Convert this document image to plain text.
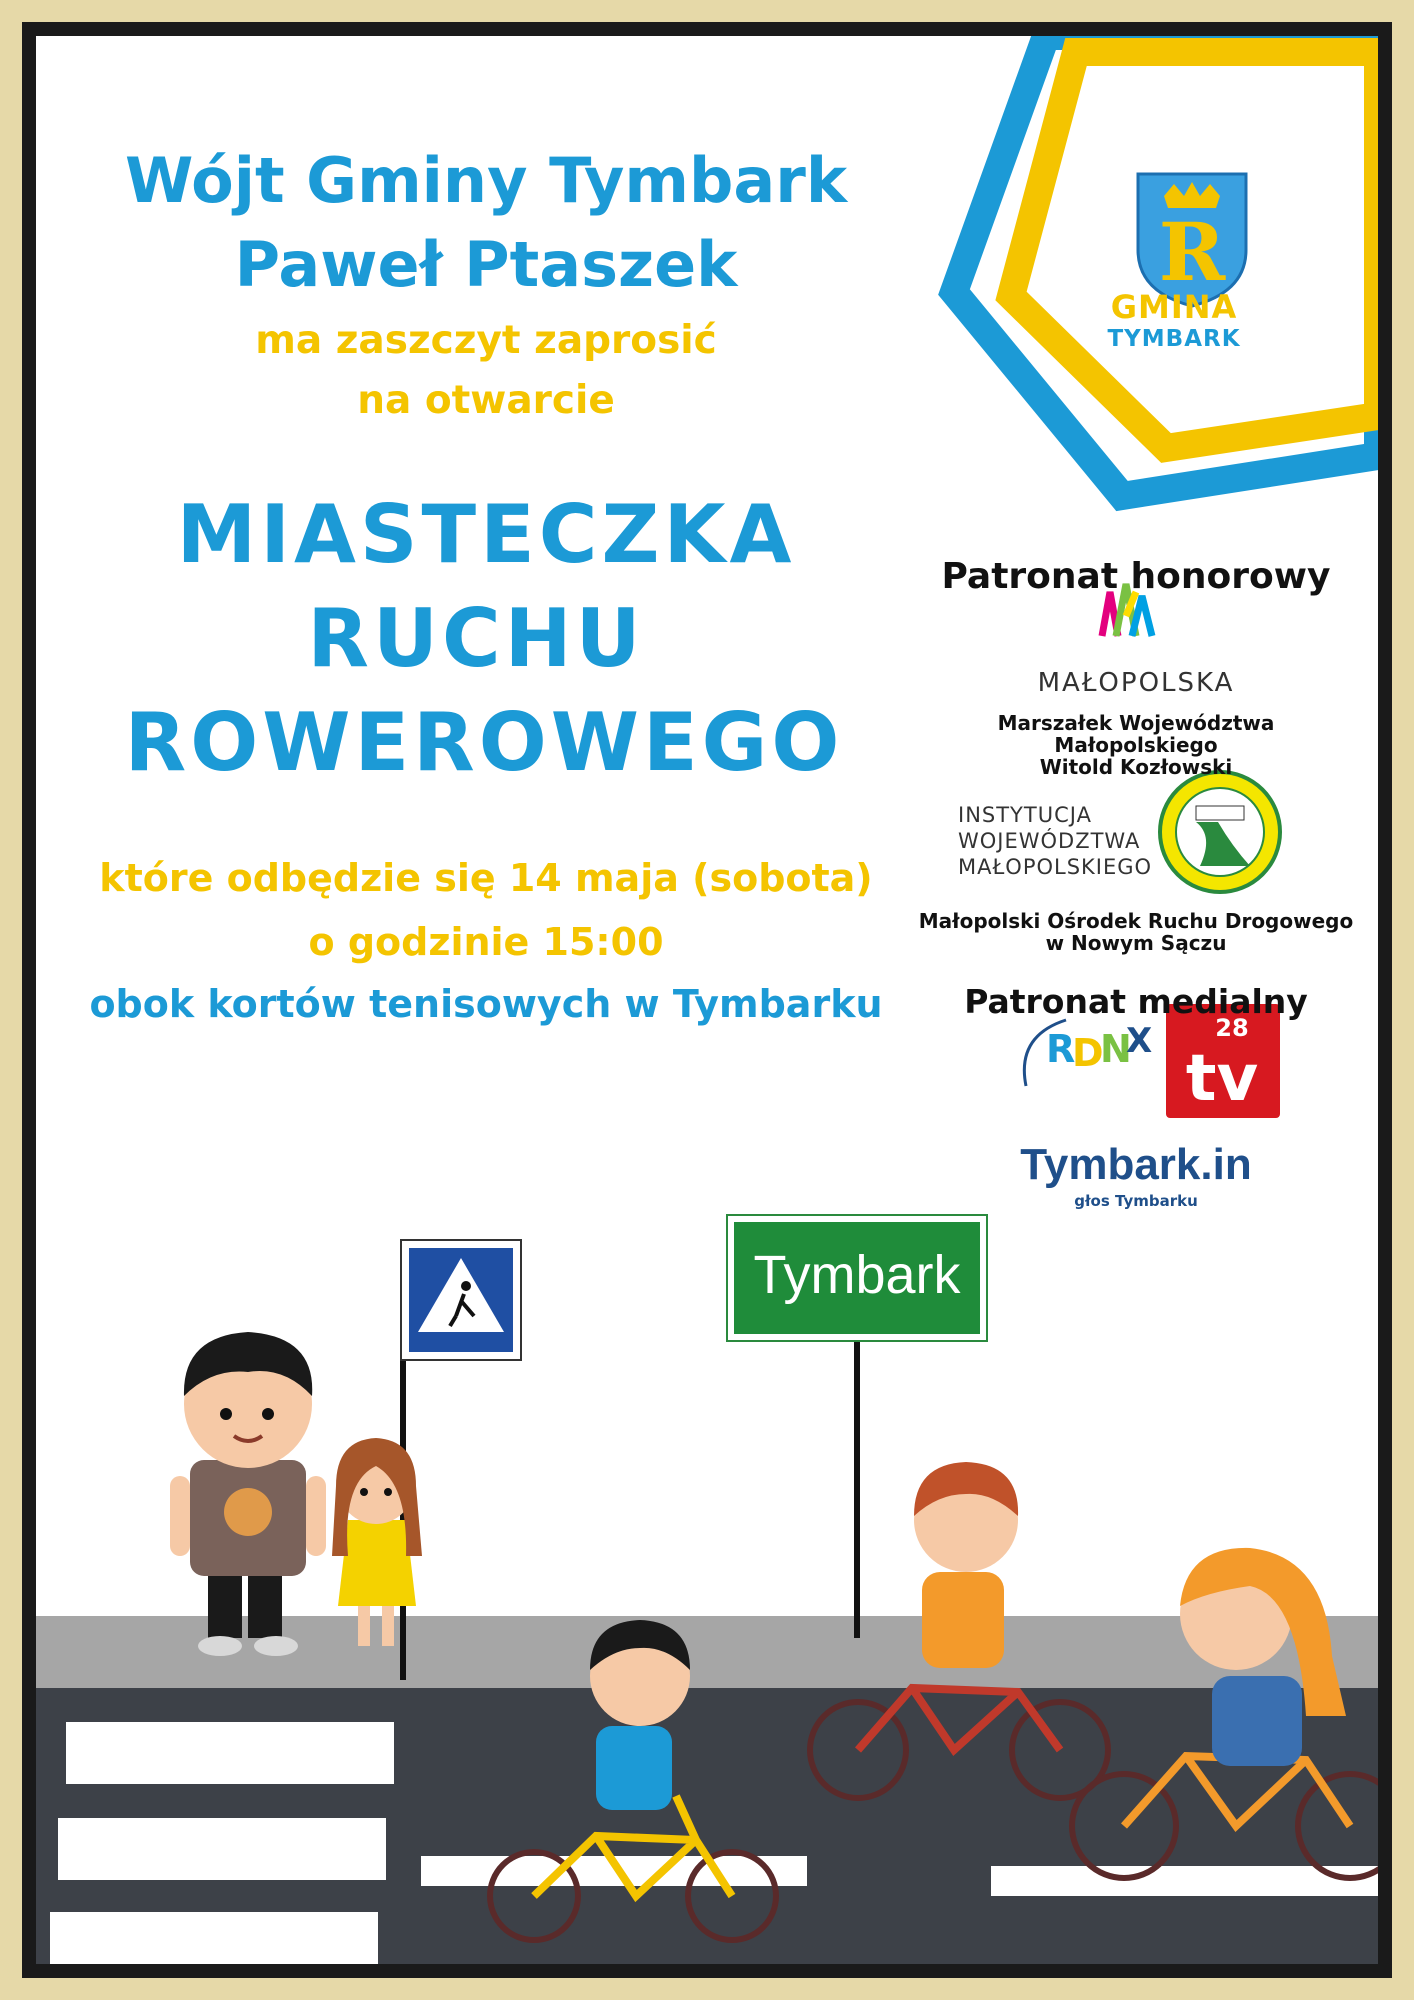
R
R
D
N
X
tv
28
Wójt Gminy Tymbark
Paweł Ptaszek
ma zaszczyt zaprosić
na otwarcie
MIASTECZKA
RUCHU
ROWEROWEGO
które odbędzie się 14 maja (sobota)
o godzinie 15:00
obok kortów tenisowych w Tymbarku
GMINA
TYMBARK
Patronat honorowy
MAŁOPOLSKA
Marszałek Województwa Małopolskiego
Witold Kozłowski
INSTYTUCJA
WOJEWÓDZTWA
MAŁOPOLSKIEGO
Małopolski Ośrodek Ruchu Drogowego
w Nowym Sączu
Patronat medialny
Tymbark.in
głos Tymbarku
Tymbark
